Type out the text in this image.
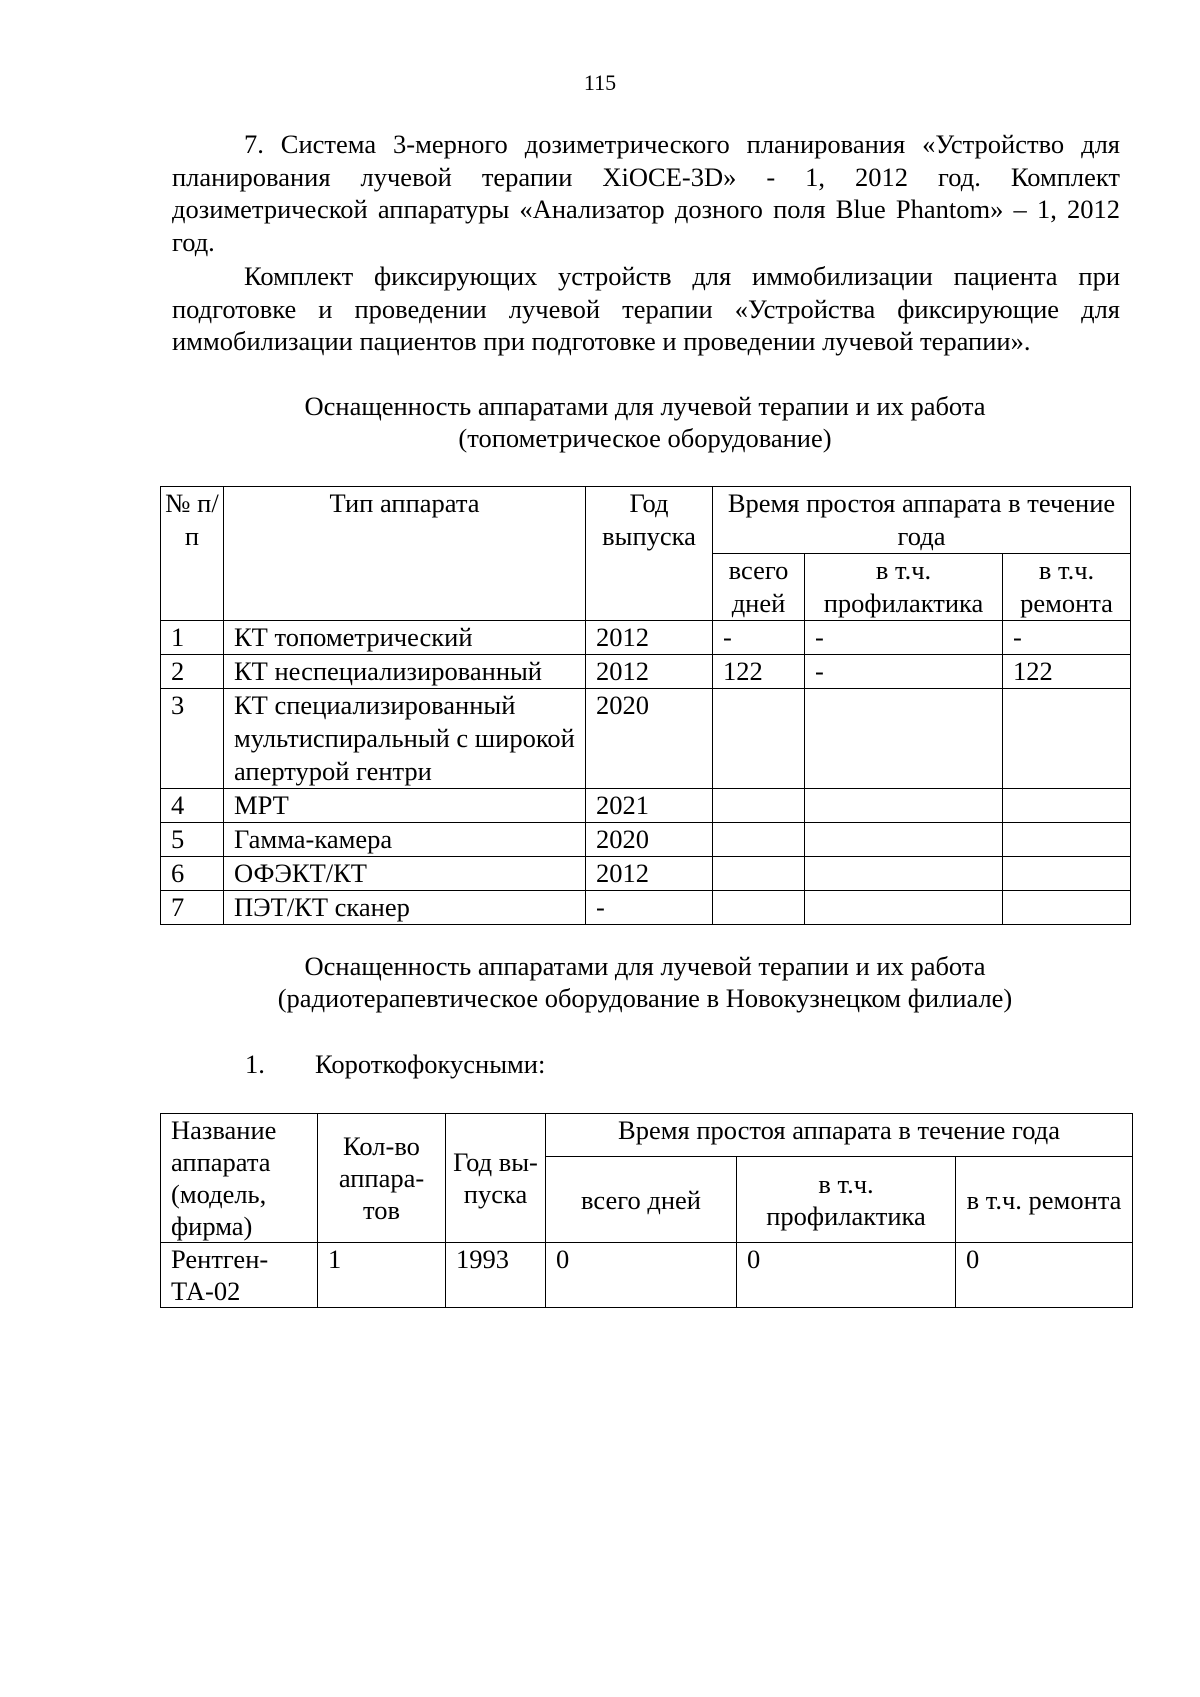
115

7. Система 3-мерного дозиметрического планирования «Устройство для планирования лучевой терапии XiOCE-3D» - 1, 2012 год. Комплект дозиметрической аппаратуры «Анализатор дозного поля Blue Phantom» – 1, 2012 год.

Комплект фиксирующих устройств для иммобилизации пациента при подготовке и проведении лучевой терапии «Устройства фиксирующие для иммобилизации пациентов при подготовке и проведении лучевой терапии».

Оснащенность аппаратами для лучевой терапии и их работа
(топометрическое оборудование)
№ п/п	Тип аппарата	Год выпуска	Время простоя аппарата в течение года		
			всего дней	в т.ч. профилактика	в т.ч. ремонта
1	КТ топометрический	2012	-	-	-
2	КТ неспециализированный	2012	122	-	122
3	КТ специализированный мультиспиральный с широкой апертурой гентри	2020			
4	МРТ	2021			
5	Гамма-камера	2020			
6	ОФЭКТ/КТ	2012			
7	ПЭТ/КТ сканер	-			
Оснащенность аппаратами для лучевой терапии и их работа
(радиотерапевтическое оборудование в Новокузнецком филиале)
1. Короткофокусными:
Название аппарата (модель, фирма)	Кол-во аппара-тов	Год вы-пуска	Время простоя аппарата в течение года		
			всего дней	в т.ч. профилактика	в т.ч. ремонта
Рентген-ТА-02	1	1993	0	0	0
